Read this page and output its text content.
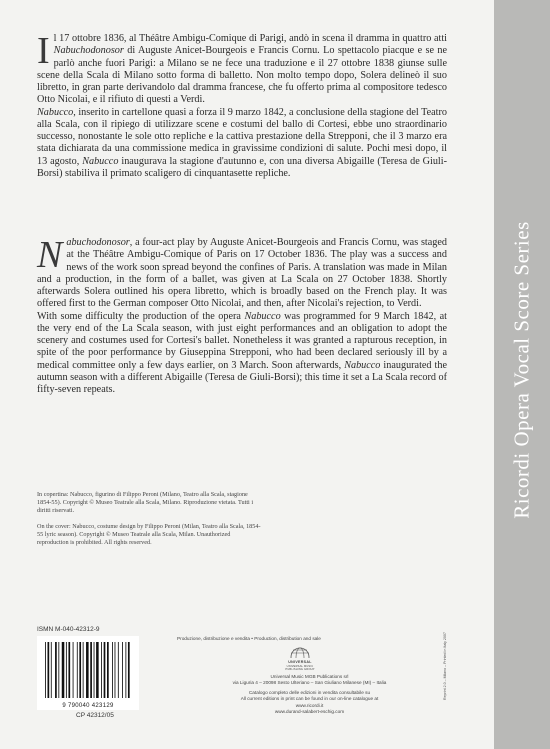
Il 17 ottobre 1836, al Théâtre Ambigu-Comique di Parigi, andò in scena il dramma in quattro atti Nabuchodonosor di Auguste Anicet-Bourgeois e Francis Cornu. Lo spettacolo piacque e se ne parlò anche fuori Parigi: a Milano se ne fece una traduzione e il 27 ottobre 1838 giunse sulle scene della Scala di Milano sotto forma di balletto. Non molto tempo dopo, Solera delineò il suo libretto, in gran parte derivandolo dal dramma francese, che fu offerto prima al compositore tedesco Otto Nicolai, e il rifiuto di questi a Verdi.

Nabucco, inserito in cartellone quasi a forza il 9 marzo 1842, a conclusione della stagione del Teatro alla Scala, con il ripiego di utilizzare scene e costumi del ballo di Cortesi, ebbe uno straordinario successo, nonostante le sole otto repliche e la cattiva prestazione della Strepponi, che il 3 marzo era stata dichiarata da una commissione medica in gravissime condizioni di salute. Pochi mesi dopo, il 13 agosto, Nabucco inaugurava la stagione d'autunno e, con una diversa Abigaille (Teresa de Giuli-Borsi) stabiliva il primato scaligero di cinquantasette repliche.

Nabuchodonosor, a four-act play by Auguste Anicet-Bourgeois and Francis Cornu, was staged at the Théâtre Ambigu-Comique of Paris on 17 October 1836. The play was a success and news of the work soon spread beyond the confines of Paris. A translation was made in Milan and a production, in the form of a ballet, was given at La Scala on 27 October 1838. Shortly afterwards Solera outlined his opera libretto, which is broadly based on the French play. It was offered first to the German composer Otto Nicolai, and then, after Nicolai's rejection, to Verdi.

With some difficulty the production of the opera Nabucco was programmed for 9 March 1842, at the very end of the La Scala season, with just eight performances and an obligation to adopt the scenery and costumes used for Cortesi's ballet. Nonetheless it was granted a rapturous reception, in spite of the poor performance by Giuseppina Strepponi, who had been declared seriously ill by a medical committee only a few days earlier, on 3 March. Soon afterwards, Nabucco inaugurated the autumn season with a different Abigaille (Teresa de Giuli-Borsi); this time it set a La Scala record of fifty-seven repeats.

In copertina: Nabucco, figurino di Filippo Peroni (Milano, Teatro alla Scala, stagione 1854-55). Copyright © Museo Teatrale alla Scala, Milano. Riproduzione vietata. Tutti i diritti riservati.

On the cover: Nabucco, costume design by Filippo Peroni (Milan, Teatro alla Scala, 1854-55 lyric season). Copyright © Museo Teatrale alla Scala, Milan. Unauthorized reproduction is prohibited. All rights reserved.

ISMN M-040-42312-9
9 790040 423129
CP 42312/05
Produzione, distribuzione e vendita • Production, distribution and sale
UNIVERSAL
UNIVERSAL MUSIC
PUBLISHING GROUP
Universal Music MGB Publications srl
via Liguria 4 – 20098 Sesto Ulteriano – San Giuliano Milanese (MI) – Italia
Catalogo completo delle edizioni in vendita consultabile su
All current editions in print can be found in our on-line catalogue at
www.ricordi.it
www.durand-salabert-eschig.com
Reprint 2.0 – Milano – Printed in Italy 2007
Ricordi Opera Vocal Score Series
